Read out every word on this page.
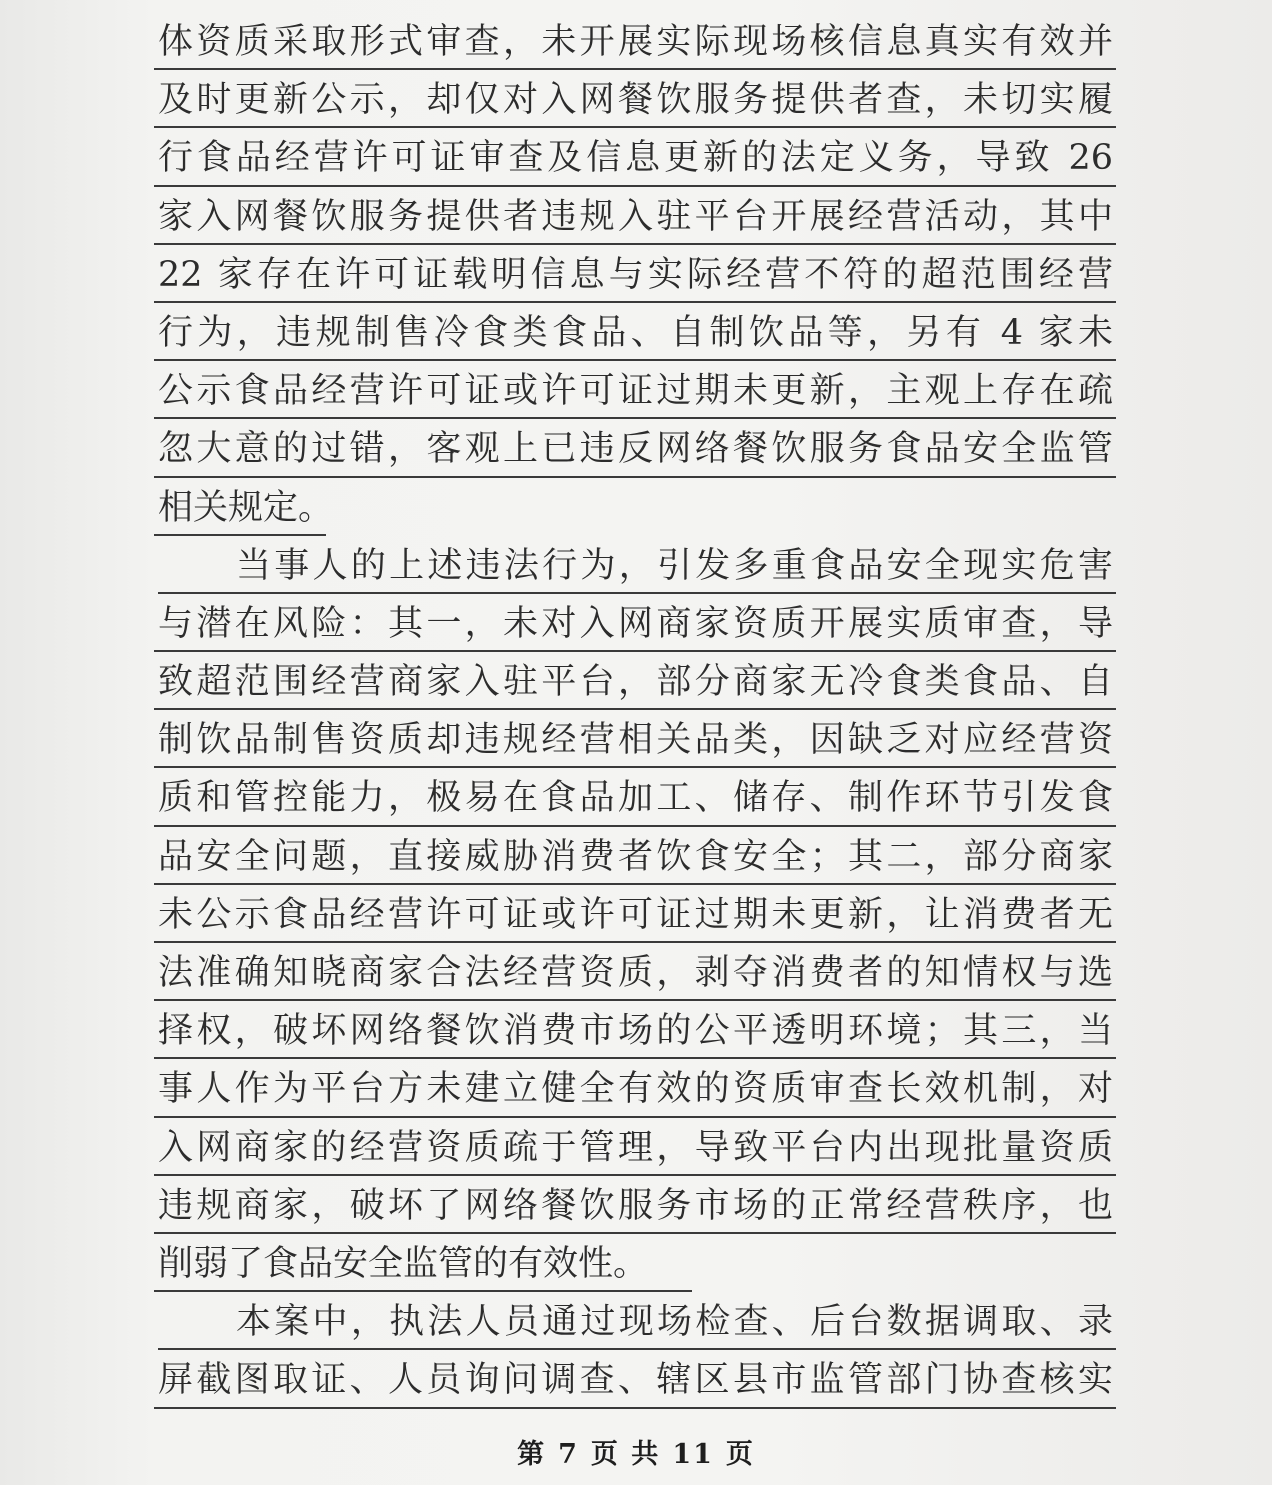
体资质采取形式审查，未开展实际现场核信息真实有效并
及时更新公示，却仅对入网餐饮服务提供者查，未切实履
行食品经营许可证审查及信息更新的法定义务，导致 26
家入网餐饮服务提供者违规入驻平台开展经营活动，其中
22 家存在许可证载明信息与实际经营不符的超范围经营
行为，违规制售冷食类食品、自制饮品等，另有 4 家未
公示食品经营许可证或许可证过期未更新，主观上存在疏
忽大意的过错，客观上已违反网络餐饮服务食品安全监管
相关规定。
当事人的上述违法行为，引发多重食品安全现实危害
与潜在风险：其一，未对入网商家资质开展实质审查，导
致超范围经营商家入驻平台，部分商家无冷食类食品、自
制饮品制售资质却违规经营相关品类，因缺乏对应经营资
质和管控能力，极易在食品加工、储存、制作环节引发食
品安全问题，直接威胁消费者饮食安全；其二，部分商家
未公示食品经营许可证或许可证过期未更新，让消费者无
法准确知晓商家合法经营资质，剥夺消费者的知情权与选
择权，破坏网络餐饮消费市场的公平透明环境；其三，当
事人作为平台方未建立健全有效的资质审查长效机制，对
入网商家的经营资质疏于管理，导致平台内出现批量资质
违规商家，破坏了网络餐饮服务市场的正常经营秩序，也
削弱了食品安全监管的有效性。
本案中，执法人员通过现场检查、后台数据调取、录
屏截图取证、人员询问调查、辖区县市监管部门协查核实
第 7 页 共 11 页
